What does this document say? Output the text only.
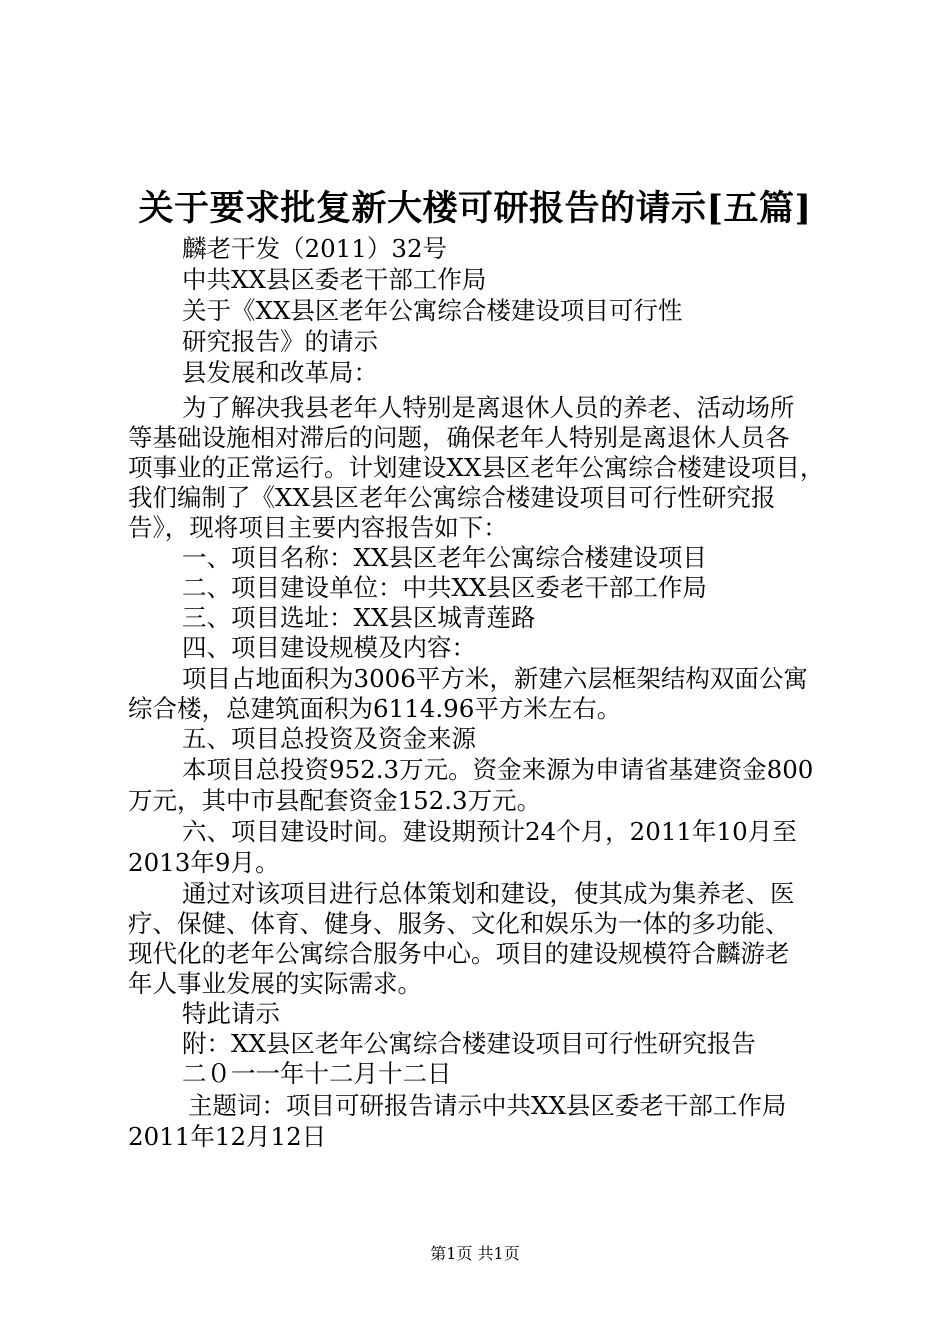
关于要求批复新大楼可研报告的请示[五篇]
麟老干发（2011）32号
中共XX县区委老干部工作局
关于《XX县区老年公寓综合楼建设项目可行性
研究报告》的请示
县发展和改革局：
为了解决我县老年人特别是离退休人员的养老、活动场所
等基础设施相对滞后的问题，确保老年人特别是离退休人员各
项事业的正常运行。计划建设XX县区老年公寓综合楼建设项目，
我们编制了《XX县区老年公寓综合楼建设项目可行性研究报
告》，现将项目主要内容报告如下：
一、项目名称：XX县区老年公寓综合楼建设项目
二、项目建设单位：中共XX县区委老干部工作局
三、项目选址：XX县区城青莲路
四、项目建设规模及内容：
项目占地面积为3006平方米，新建六层框架结构双面公寓
综合楼，总建筑面积为6114.96平方米左右。
五、项目总投资及资金来源
本项目总投资952.3万元。资金来源为申请省基建资金800
万元，其中市县配套资金152.3万元。
六、项目建设时间。建设期预计24个月，2011年10月至
2013年9月。
通过对该项目进行总体策划和建设，使其成为集养老、医
疗、保健、体育、健身、服务、文化和娱乐为一体的多功能、
现代化的老年公寓综合服务中心。项目的建设规模符合麟游老
年人事业发展的实际需求。
特此请示
附：XX县区老年公寓综合楼建设项目可行性研究报告
二０一一年十二月十二日
主题词：项目可研报告请示中共XX县区委老干部工作局
2011年12月12日
第1页 共1页
